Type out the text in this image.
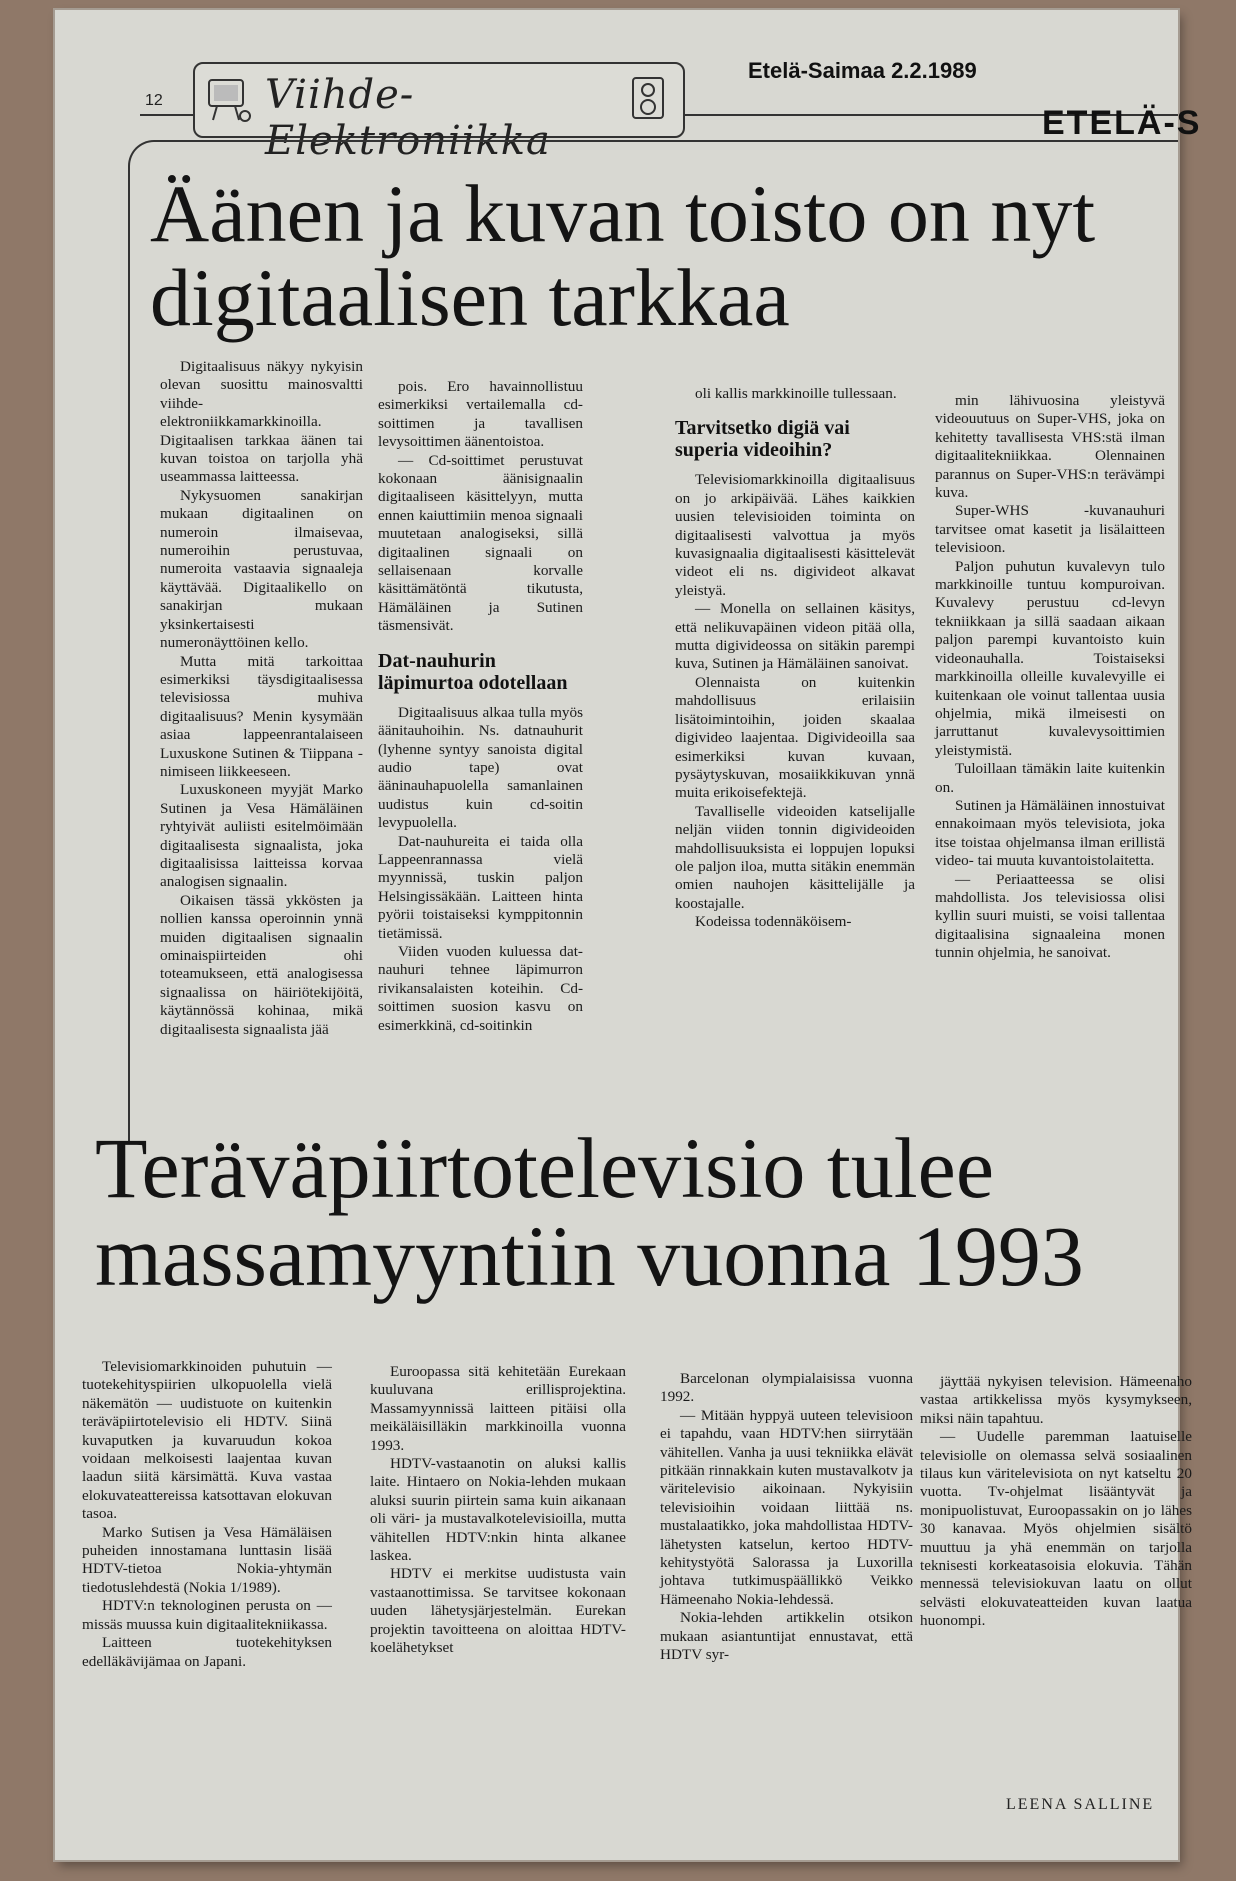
Etelä-Saimaa 2.2.1989
12	Viihde-Elektroniikka	ETELÄ-S
Äänen ja kuvan toisto on nyt digitaalisen tarkkaa

Digitaalisuus näkyy nykyisin olevan suosittu mainosvaltti viihde-elektroniikkamarkkinoilla. Digitaalisen tarkkaa äänen tai kuvan toistoa on tarjolla yhä useammassa laitteessa.

Nykysuomen sanakirjan mukaan digitaalinen on numeroin ilmaisevaa, numeroihin perustuvaa, numeroita vastaavia signaaleja käyttävää. Digitaalikello on sanakirjan mukaan yksinkertaisesti numeronäyttöinen kello.

Mutta mitä tarkoittaa esimerkiksi täysdigitaalisessa televisiossa muhiva digitaalisuus? Menin kysymään asiaa lappeenrantalaiseen Luxuskone Sutinen & Tiippana -nimiseen liikkeeseen.

Luxuskoneen myyjät Marko Sutinen ja Vesa Hämäläinen ryhtyivät auliisti esitelmöimään digitaalisesta signaalista, joka digitaalisissa laitteissa korvaa analogisen signaalin.

Oikaisen tässä ykkösten ja nollien kanssa operoinnin ynnä muiden digitaalisen signaalin ominaispiirteiden ohi toteamukseen, että analogisessa signaalissa on häiriötekijöitä, käytännössä kohinaa, mikä digitaalisesta signaalista jää

pois. Ero havainnollistuu esimerkiksi vertailemalla cd-soittimen ja tavallisen levysoittimen äänentoistoa.

— Cd-soittimet perustuvat kokonaan äänisignaalin digitaaliseen käsittelyyn, mutta ennen kaiuttimiin menoa signaali muutetaan analogiseksi, sillä digitaalinen signaali on sellaisenaan korvalle käsittämätöntä tikutusta, Hämäläinen ja Sutinen täsmensivät.

Dat-nauhurin läpimurtoa odotellaan

Digitaalisuus alkaa tulla myös äänitauhoihin. Ns. datnauhurit (lyhenne syntyy sanoista digital audio tape) ovat ääninauhapuolella samanlainen uudistus kuin cd-soitin levypuolella.

Dat-nauhureita ei taida olla Lappeenrannassa vielä myynnissä, tuskin paljon Helsingissäkään. Laitteen hinta pyörii toistaiseksi kymppitonnin tietämissä.

Viiden vuoden kuluessa dat-nauhuri tehnee läpimurron rivikansalaisten koteihin. Cd-soittimen suosion kasvu on esimerkkinä, cd-soitinkin

oli kallis markkinoille tullessaan.

Tarvitsetko digiä vai superia videoihin?

Televisiomarkkinoilla digitaalisuus on jo arkipäivää. Lähes kaikkien uusien televisioiden toiminta on digitaalisesti valvottua ja myös kuvasignaalia digitaalisesti käsittelevät videot eli ns. digivideot alkavat yleistyä.

— Monella on sellainen käsitys, että nelikuvapäinen videon pitää olla, mutta digivideossa on sitäkin parempi kuva, Sutinen ja Hämäläinen sanoivat.

Olennaista on kuitenkin mahdollisuus erilaisiin lisätoimintoihin, joiden skaalaa digivideo laajentaa. Digivideoilla saa esimerkiksi kuvan kuvaan, pysäytyskuvan, mosaiikkikuvan ynnä muita erikoisefektejä.

Tavalliselle videoiden katselijalle neljän viiden tonnin digivideoiden mahdollisuuksista ei loppujen lopuksi ole paljon iloa, mutta sitäkin enemmän omien nauhojen käsittelijälle ja koostajalle.

Kodeissa todennäköisem-

min lähivuosina yleistyvä videouutuus on Super-VHS, joka on kehitetty tavallisesta VHS:stä ilman digitaalitekniikkaa. Olennainen parannus on Super-VHS:n terävämpi kuva.

Super-WHS -kuvanauhuri tarvitsee omat kasetit ja lisälaitteen televisioon.

Paljon puhutun kuvalevyn tulo markkinoille tuntuu kompuroivan. Kuvalevy perustuu cd-levyn tekniikkaan ja sillä saadaan aikaan paljon parempi kuvantoisto kuin videonauhalla. Toistaiseksi markkinoilla olleille kuvalevyille ei kuitenkaan ole voinut tallentaa uusia ohjelmia, mikä ilmeisesti on jarruttanut kuvalevysoittimien yleistymistä.

Tuloillaan tämäkin laite kuitenkin on.

Sutinen ja Hämäläinen innostuivat ennakoimaan myös televisiota, joka itse toistaa ohjelmansa ilman erillistä video- tai muuta kuvantoistolaitetta.

— Periaatteessa se olisi mahdollista. Jos televisiossa olisi kyllin suuri muisti, se voisi tallentaa digitaalisina signaaleina monen tunnin ohjelmia, he sanoivat.

Teräväpiirtotelevisio tulee massamyyntiin vuonna 1993

Televisiomarkkinoiden puhutuin — tuotekehityspiirien ulkopuolella vielä näkemätön — uudistuote on kuitenkin teräväpiirtotelevisio eli HDTV. Siinä kuvaputken ja kuvaruudun kokoa voidaan melkoisesti laajentaa kuvan laadun siitä kärsimättä. Kuva vastaa elokuvateattereissa katsottavan elokuvan tasoa.

Marko Sutisen ja Vesa Hämäläisen puheiden innostamana lunttasin lisää HDTV-tietoa Nokia-yhtymän tiedotuslehdestä (Nokia 1/1989).

HDTV:n teknologinen perusta on — missäs muussa kuin digitaalitekniikassa.

Laitteen tuotekehityksen edelläkävijämaa on Japani.

Euroopassa sitä kehitetään Eurekaan kuuluvana erillisprojektina. Massamyynnissä laitteen pitäisi olla meikäläisilläkin markkinoilla vuonna 1993.

HDTV-vastaanotin on aluksi kallis laite. Hintaero on Nokia-lehden mukaan aluksi suurin piirtein sama kuin aikanaan oli väri- ja mustavalkotelevisioilla, mutta vähitellen HDTV:nkin hinta alkanee laskea.

HDTV ei merkitse uudistusta vain vastaanottimissa. Se tarvitsee kokonaan uuden lähetysjärjestelmän. Eurekan projektin tavoitteena on aloittaa HDTV-koelähetykset

Barcelonan olympialaisissa vuonna 1992.

— Mitään hyppyä uuteen televisioon ei tapahdu, vaan HDTV:hen siirrytään vähitellen. Vanha ja uusi tekniikka elävät pitkään rinnakkain kuten mustavalkotv ja väritelevisio aikoinaan. Nykyisiin televisioihin voidaan liittää ns. mustalaatikko, joka mahdollistaa HDTV-lähetysten katselun, kertoo HDTV-kehitystyötä Salorassa ja Luxorilla johtava tutkimuspäällikkö Veikko Hämeenaho Nokia-lehdessä.

Nokia-lehden artikkelin otsikon mukaan asiantuntijat ennustavat, että HDTV syr-

jäyttää nykyisen television. Hämeenaho vastaa artikkelissa myös kysymykseen, miksi näin tapahtuu.

— Uudelle paremman laatuiselle televisiolle on olemassa selvä sosiaalinen tilaus kun väritelevisiota on nyt katseltu 20 vuotta. Tv-ohjelmat lisääntyvät ja monipuolistuvat, Euroopassakin on jo lähes 30 kanavaa. Myös ohjelmien sisältö muuttuu ja yhä enemmän on tarjolla teknisesti korkeatasoisia elokuvia. Tähän mennessä televisiokuvan laatu on ollut selvästi elokuvateatteiden kuvan laatua huonompi.

LEENA SALLINE
